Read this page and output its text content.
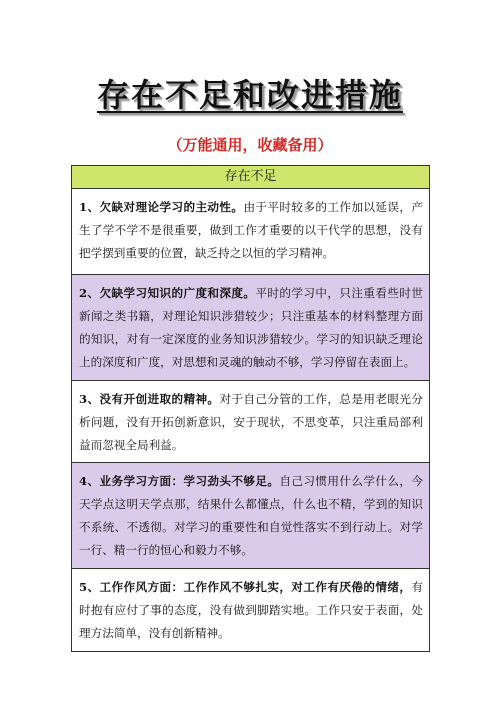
存在不足和改进措施
（万能通用，收藏备用）
存在不足
1、欠缺对理论学习的主动性。由于平时较多的工作加以延误，产生了学不学不是很重要，做到工作才重要的以干代学的思想，没有把学摆到重要的位置，缺乏持之以恒的学习精神。
2、欠缺学习知识的广度和深度。平时的学习中，只注重看些时世新闻之类书籍，对理论知识涉猎较少；只注重基本的材料整理方面的知识，对有一定深度的业务知识涉猎较少。学习的知识缺乏理论上的深度和广度，对思想和灵魂的触动不够，学习停留在表面上。
3、没有开创进取的精神。对于自己分管的工作，总是用老眼光分析问题，没有开拓创新意识，安于现状，不思变革，只注重局部利益而忽视全局利益。
4、业务学习方面：学习劲头不够足。自己习惯用什么学什么，今天学点这明天学点那，结果什么都懂点，什么也不精，学到的知识不系统、不透彻。对学习的重要性和自觉性落实不到行动上。对学一行、精一行的恒心和毅力不够。
5、工作作风方面：工作作风不够扎实，对工作有厌倦的情绪，有时抱有应付了事的态度，没有做到脚踏实地。工作只安于表面，处理方法简单，没有创新精神。
